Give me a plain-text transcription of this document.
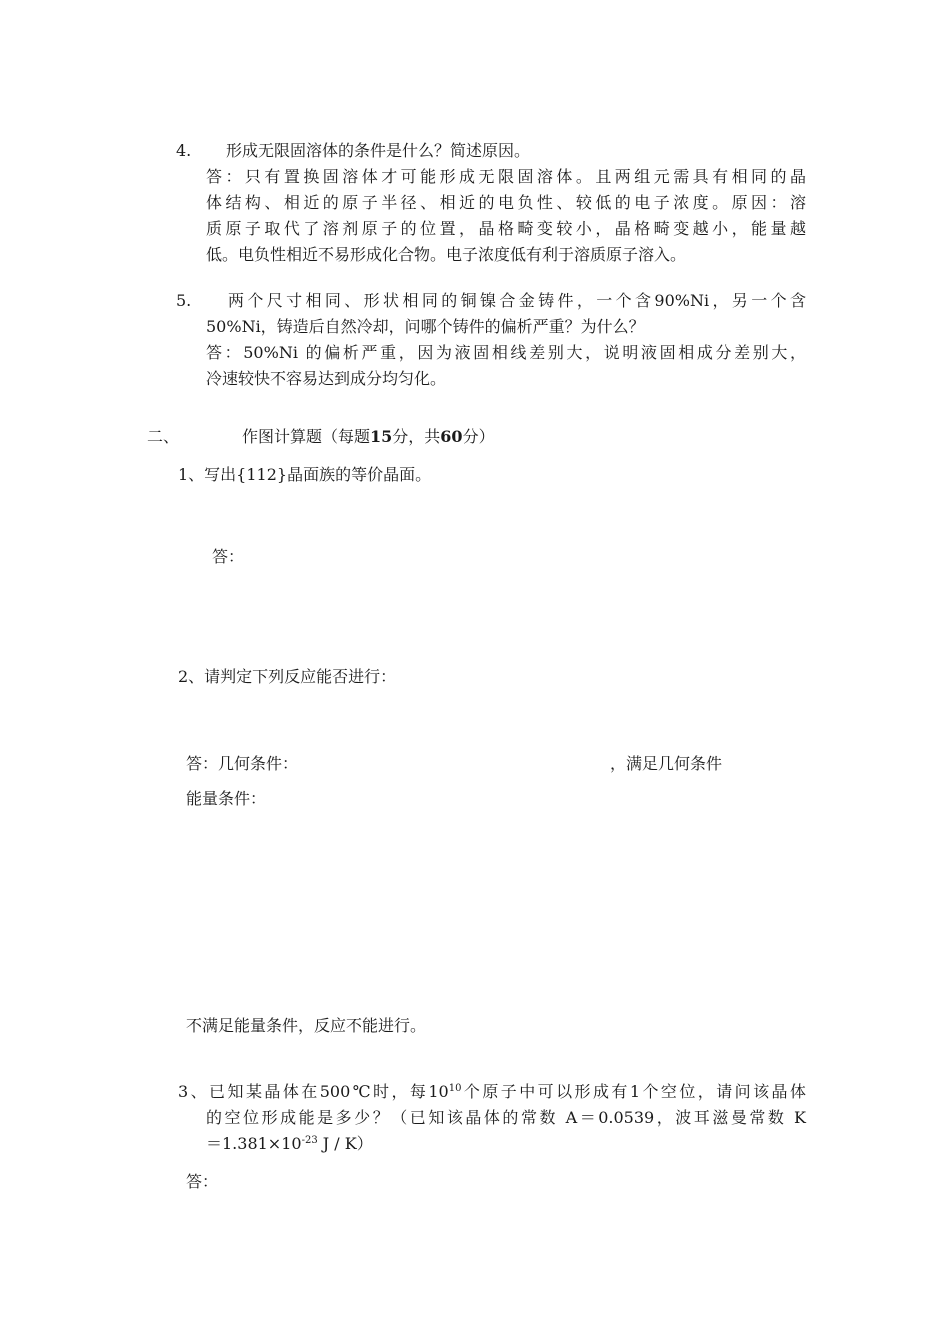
4. 形成无限固溶体的条件是什么？简述原因。
答：只有置换固溶体才可能形成无限固溶体。且两组元需具有相同的晶
体结构、相近的原子半径、相近的电负性、较低的电子浓度。原因：溶
质原子取代了溶剂原子的位置，晶格畸变较小，晶格畸变越小，能量越
低。电负性相近不易形成化合物。电子浓度低有利于溶质原子溶入。
5. 两个尺寸相同、形状相同的铜镍合金铸件，一个含90%Ni，另一个含
50%Ni，铸造后自然冷却，问哪个铸件的偏析严重？为什么？
答：50%Ni 的偏析严重，因为液固相线差别大，说明液固相成分差别大，
冷速较快不容易达到成分均匀化。
二、	作图计算题（每题15分，共60分）
1、写出{112}晶面族的等价晶面。
答：
2、请判定下列反应能否进行：
答：几何条件：	，满足几何条件
能量条件：
不满足能量条件，反应不能进行。
3、已知某晶体在500℃时，每$10^{10}$个原子中可以形成有1个空位，请问该晶体
的空位形成能是多少？（已知该晶体的常数 A＝0.0539，波耳滋曼常数 K
$=1.381\times 10^{-23}$ J / K）
答：
